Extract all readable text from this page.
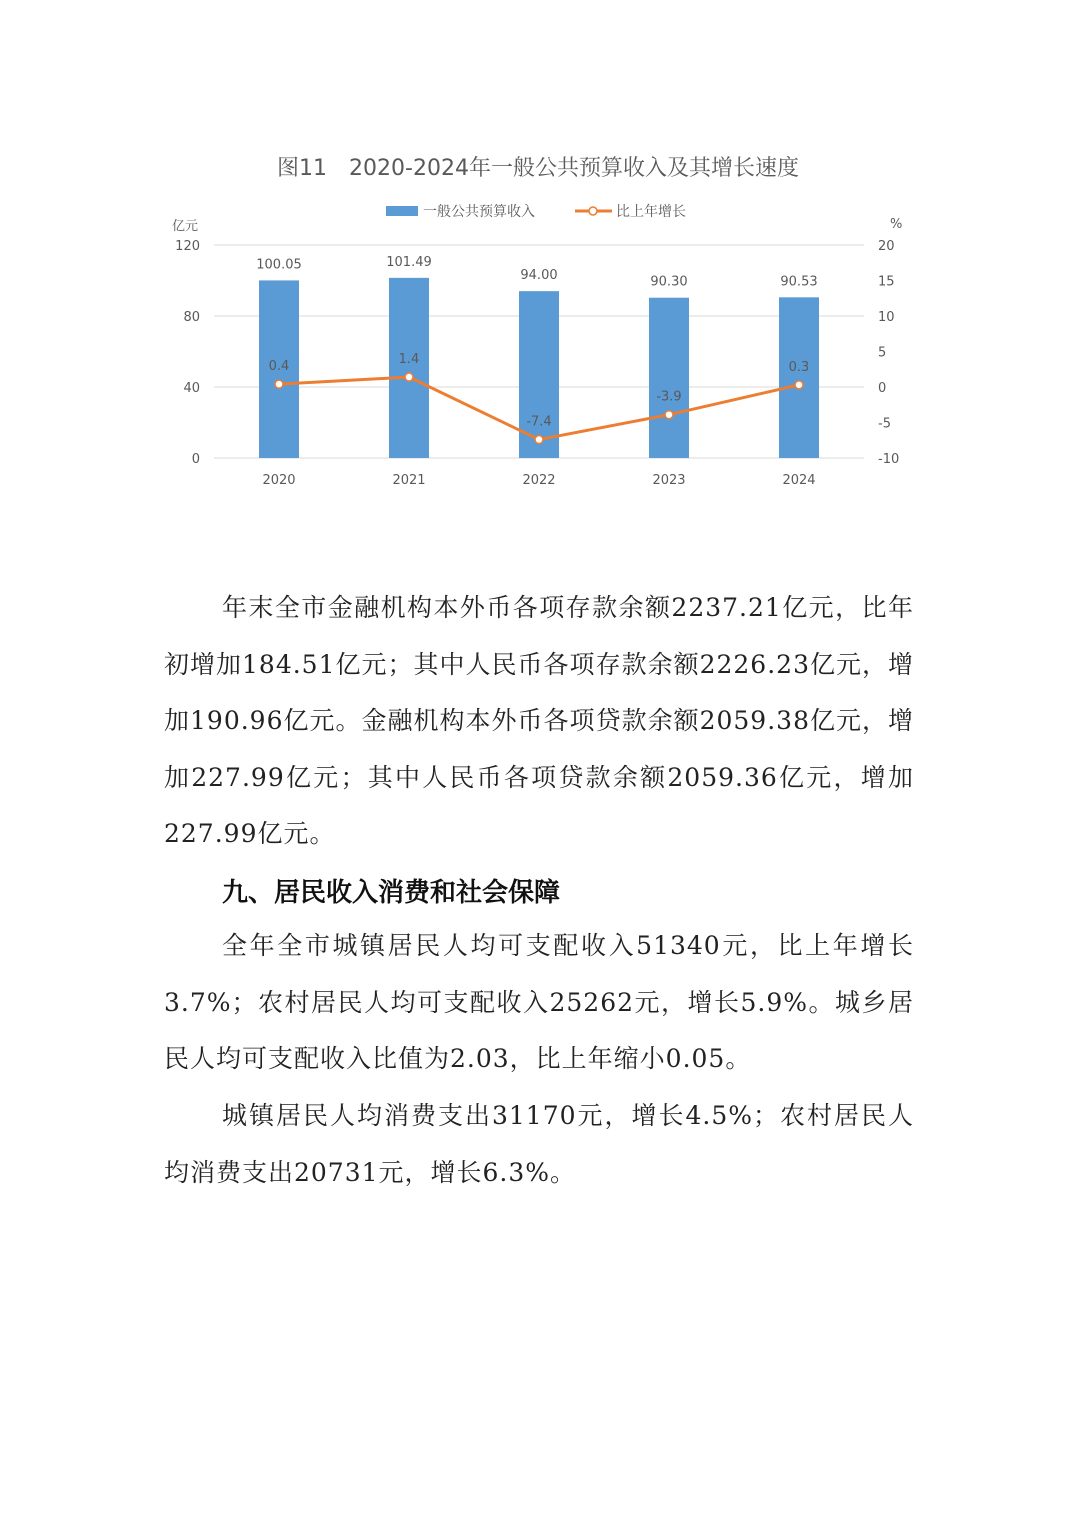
图11　2020-2024年一般公共预算收入及其增长速度
一般公共预算收入	比上年增长
亿元	%
0
40
80
120
-10
-5
0
5
10
15
20
100.05	101.49
94.00	90.30	90.53
0.4	1.4
-7.4
-3.9
0.3
2020	2021	2022	2023	2024

年末全市金融机构本外币各项存款余额2237.21亿元，比年初增加184.51亿元；其中人民币各项存款余额2226.23亿元，增加190.96亿元。金融机构本外币各项贷款余额2059.38亿元，增加227.99亿元；其中人民币各项贷款余额2059.36亿元，增加227.99亿元。

九、居民收入消费和社会保障

全年全市城镇居民人均可支配收入51340元，比上年增长3.7%；农村居民人均可支配收入25262元，增长5.9%。城乡居民人均可支配收入比值为2.03，比上年缩小0.05。

城镇居民人均消费支出31170元，增长4.5%；农村居民人均消费支出20731元，增长6.3%。
